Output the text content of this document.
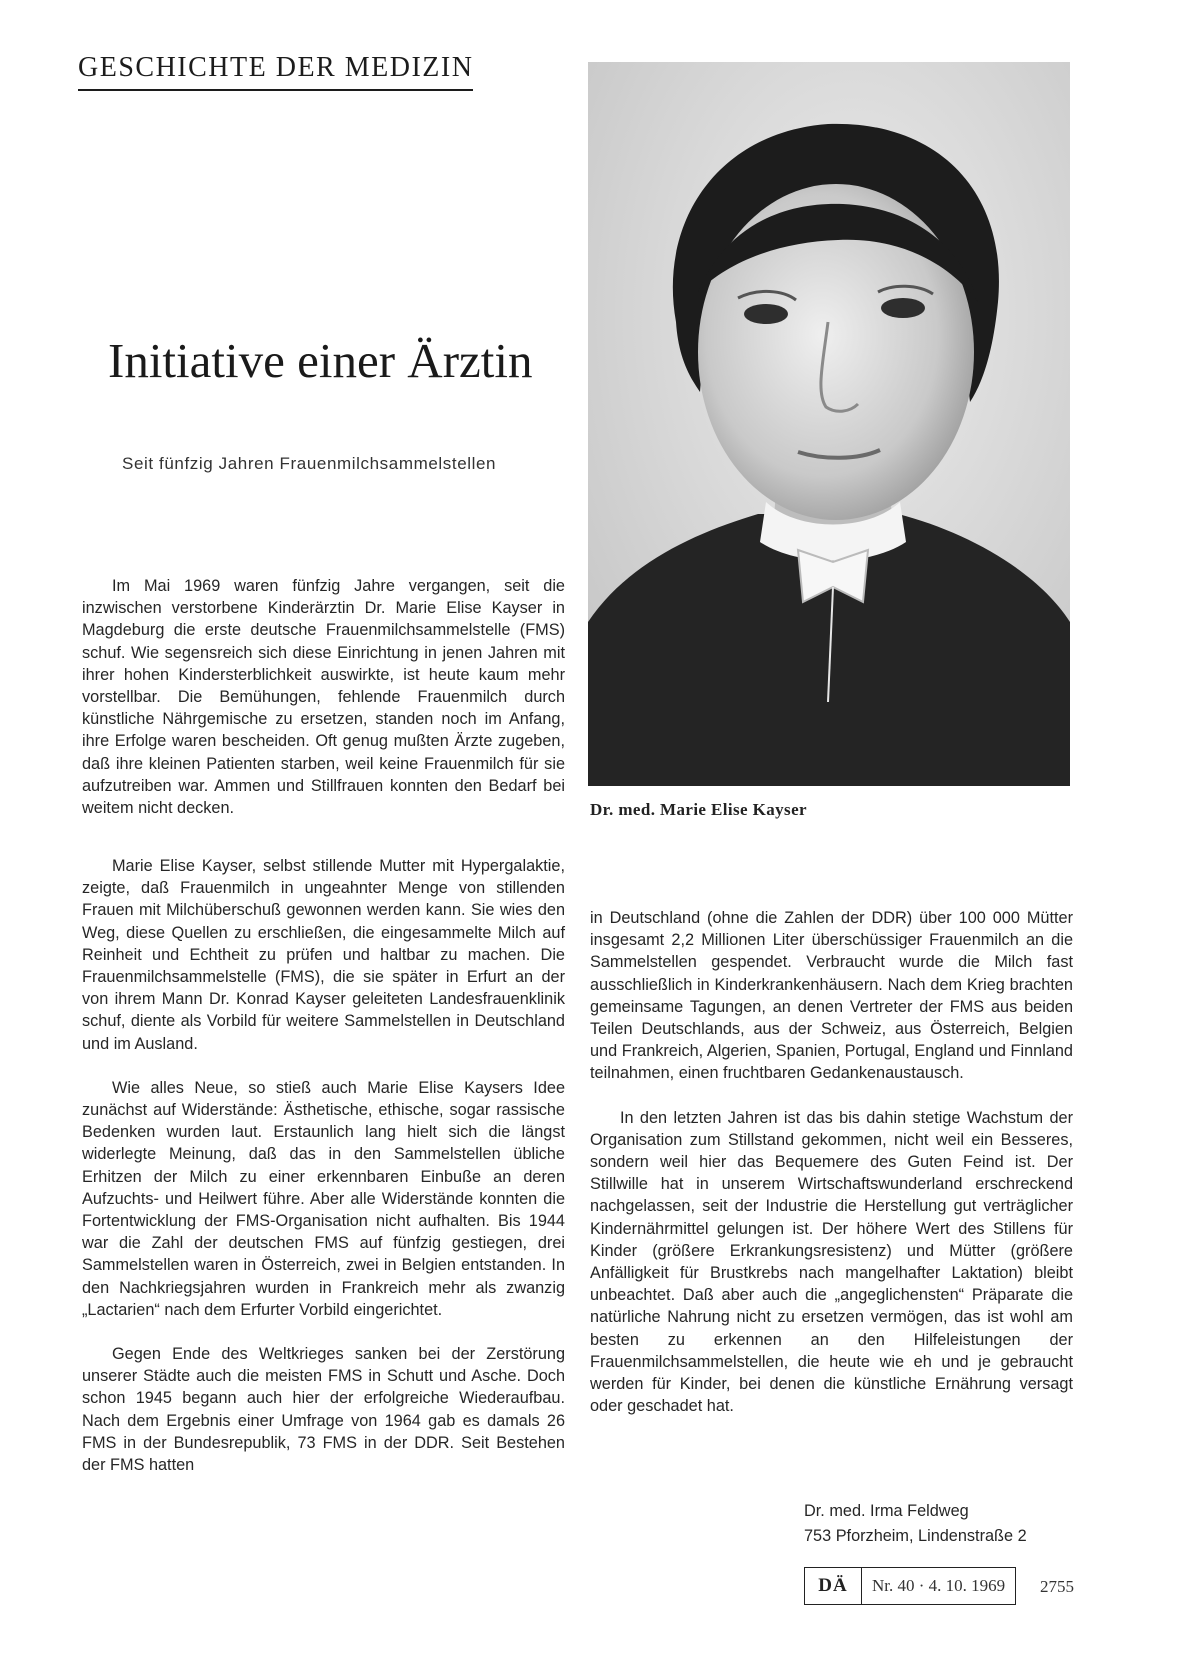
GESCHICHTE DER MEDIZIN
Initiative einer Ärztin
Seit fünfzig Jahren Frauenmilchsammelstellen
Dr. med. Marie Elise Kayser

Im Mai 1969 waren fünfzig Jahre vergangen, seit die inzwischen verstorbene Kinderärztin Dr. Marie Elise Kayser in Magdeburg die erste deutsche Frauenmilchsammelstelle (FMS) schuf. Wie segensreich sich diese Einrichtung in jenen Jahren mit ihrer hohen Kindersterblichkeit auswirkte, ist heute kaum mehr vorstellbar. Die Bemühungen, fehlende Frauenmilch durch künstliche Nährgemische zu ersetzen, standen noch im Anfang, ihre Erfolge waren bescheiden. Oft genug mußten Ärzte zugeben, daß ihre kleinen Patienten starben, weil keine Frauenmilch für sie aufzutreiben war. Ammen und Stillfrauen konnten den Bedarf bei weitem nicht decken.

Marie Elise Kayser, selbst stillende Mutter mit Hypergalaktie, zeigte, daß Frauenmilch in ungeahnter Menge von stillenden Frauen mit Milchüberschuß gewonnen werden kann. Sie wies den Weg, diese Quellen zu erschließen, die eingesammelte Milch auf Reinheit und Echtheit zu prüfen und haltbar zu machen. Die Frauenmilchsammelstelle (FMS), die sie später in Erfurt an der von ihrem Mann Dr. Konrad Kayser geleiteten Landesfrauenklinik schuf, diente als Vorbild für weitere Sammelstellen in Deutschland und im Ausland.

Wie alles Neue, so stieß auch Marie Elise Kaysers Idee zunächst auf Widerstände: Ästhetische, ethische, sogar rassische Bedenken wurden laut. Erstaunlich lang hielt sich die längst widerlegte Meinung, daß das in den Sammelstellen übliche Erhitzen der Milch zu einer erkennbaren Einbuße an deren Aufzuchts- und Heilwert führe. Aber alle Widerstände konnten die Fortentwicklung der FMS-Organisation nicht aufhalten. Bis 1944 war die Zahl der deutschen FMS auf fünfzig gestiegen, drei Sammelstellen waren in Österreich, zwei in Belgien entstanden. In den Nachkriegsjahren wurden in Frankreich mehr als zwanzig „Lactarien“ nach dem Erfurter Vorbild eingerichtet.

Gegen Ende des Weltkrieges sanken bei der Zerstörung unserer Städte auch die meisten FMS in Schutt und Asche. Doch schon 1945 begann auch hier der erfolgreiche Wiederaufbau. Nach dem Ergebnis einer Umfrage von 1964 gab es damals 26 FMS in der Bundesrepublik, 73 FMS in der DDR. Seit Bestehen der FMS hatten

in Deutschland (ohne die Zahlen der DDR) über 100 000 Mütter insgesamt 2,2 Millionen Liter überschüssiger Frauenmilch an die Sammelstellen gespendet. Verbraucht wurde die Milch fast ausschließlich in Kinderkrankenhäusern. Nach dem Krieg brachten gemeinsame Tagungen, an denen Vertreter der FMS aus beiden Teilen Deutschlands, aus der Schweiz, aus Österreich, Belgien und Frankreich, Algerien, Spanien, Portugal, England und Finnland teilnahmen, einen fruchtbaren Gedankenaustausch.

In den letzten Jahren ist das bis dahin stetige Wachstum der Organisation zum Stillstand gekommen, nicht weil ein Besseres, sondern weil hier das Bequemere des Guten Feind ist. Der Stillwille hat in unserem Wirtschaftswunderland erschreckend nachgelassen, seit der Industrie die Herstellung gut verträglicher Kindernährmittel gelungen ist. Der höhere Wert des Stillens für Kinder (größere Erkrankungsresistenz) und Mütter (größere Anfälligkeit für Brustkrebs nach mangelhafter Laktation) bleibt unbeachtet. Daß aber auch die „angeglichensten“ Präparate die natürliche Nahrung nicht zu ersetzen vermögen, das ist wohl am besten zu erkennen an den Hilfeleistungen der Frauenmilchsammelstellen, die heute wie eh und je gebraucht werden für Kinder, bei denen die künstliche Ernährung versagt oder geschadet hat.

Dr. med. Irma Feldweg
753 Pforzheim, Lindenstraße 2
DÄ	Nr. 40 · 4. 10. 1969 2755
